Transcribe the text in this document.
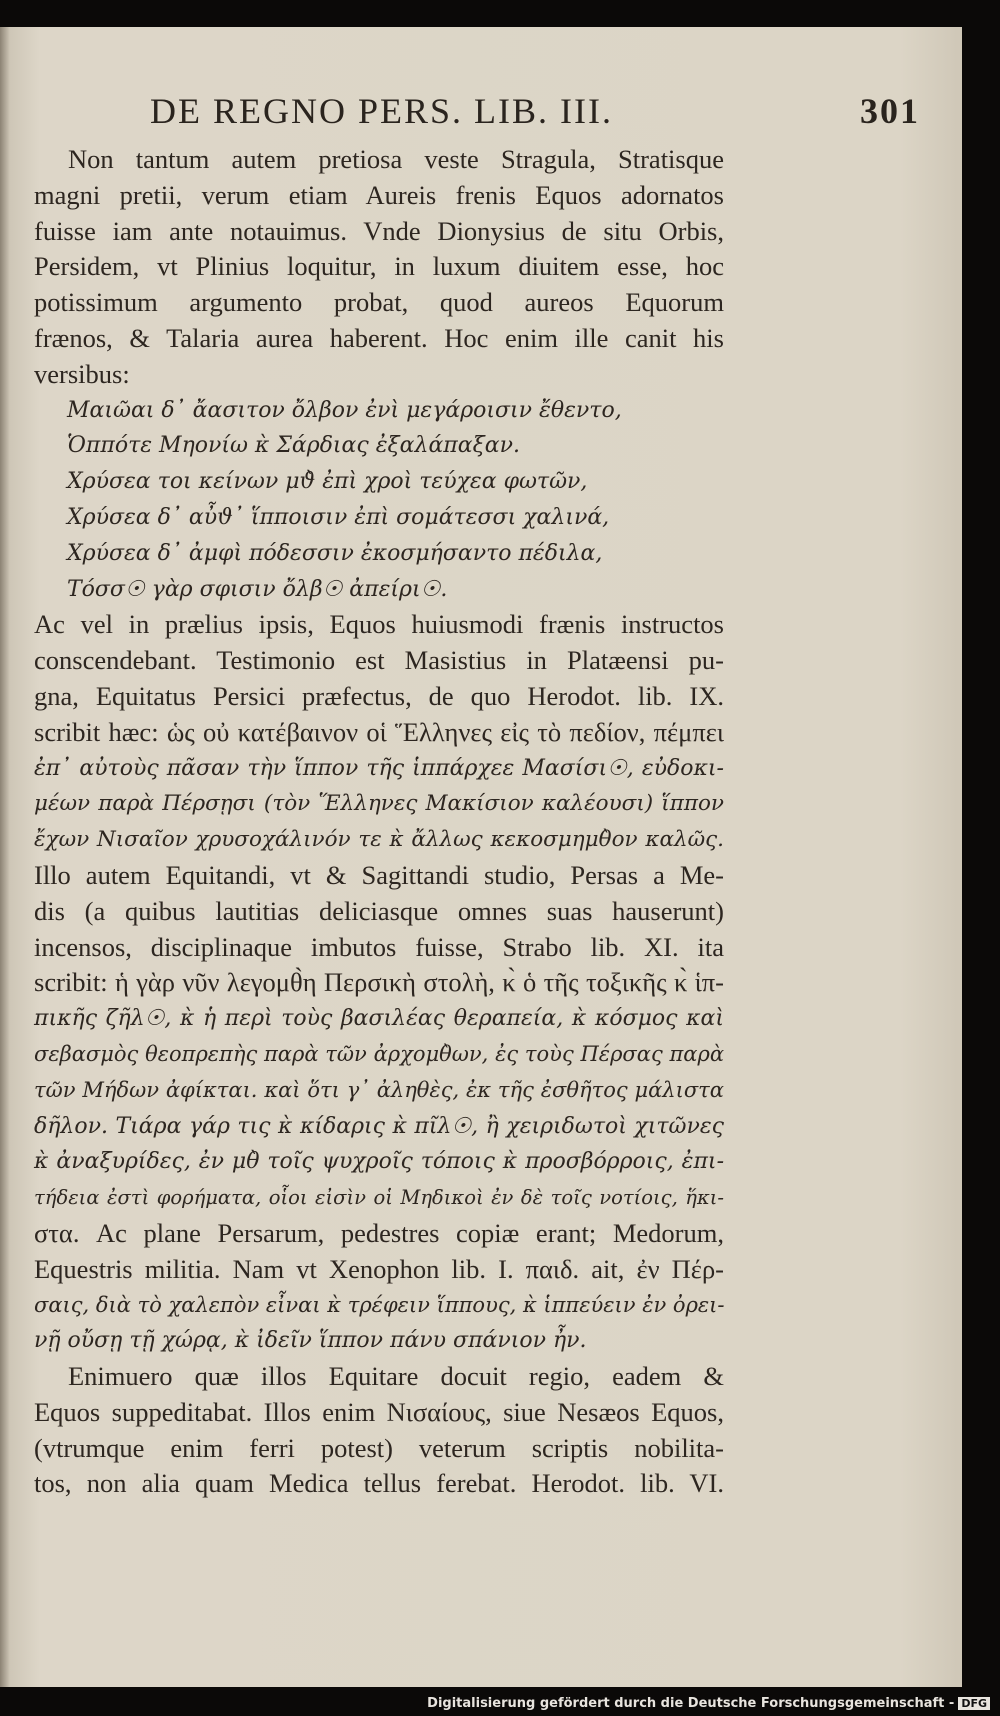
DE REGNO PERS. LIB. III.	301
Non tantum autem pretiosa veste Stragula, Stratisque
magni pretii, verum etiam Aureis frenis Equos adornatos
fuisse iam ante notauimus. Vnde Dionysius de situ Orbis,
Persidem, vt Plinius loquitur, in luxum diuitem esse, hoc
potissimum argumento probat, quod aureos Equorum
frænos, & Talaria aurea haberent. Hoc enim ille canit his
versibus:
Μαιῶαι δ᾽ ἄασιτον ὄλβον ἐνὶ μεγάροισιν ἔθεντο,
Ὁππότε Μηονίω κ̀ Σάρδιας ἐξαλάπαξαν.
Χρύσεα τοι κείνων μϑ̀ ἐπὶ χροὶ τεύχεα φωτῶν,
Χρύσεα δ᾽ αὖϑ᾽ ἵπποισιν ἐπὶ σομάτεσσι χαλινά,
Χρύσεα δ᾽ ἀμφὶ πόδεσσιν ἐκοσμήσαντο πέδιλα,
Τόσσ☉ γὰρ σφισιν ὄλβ☉ ἀπείρι☉.
Ac vel in prælius ipsis, Equos huiusmodi frænis instructos
conscendebant. Testimonio est Masistius in Platæensi pu-
gna, Equitatus Persici præfectus, de quo Herodot. lib. IX.
scribit hæc: ὡς οὐ κατέβαινον οἱ Ἕλληνες εἰς τὸ πεδίον, πέμπει
ἐπ᾽ αὐτοὺς πᾶσαν τὴν ἵππον τῆς ἱππάρχεε Μασίσι☉, εὐδοκι-
μέων παρὰ Πέρσῃσι (τὸν Ἕλληνες Μακίσιον καλέουσι) ἵππον
ἔχων Νισαῖον χρυσοχάλινόν τε κ̀ ἄλλως κεκοσμημθ̀ον καλῶς.
Illo autem Equitandi, vt & Sagittandi studio, Persas a Me-
dis (a quibus lautitias deliciasque omnes suas hauserunt)
incensos, disciplinaque imbutos fuisse, Strabo lib. XI. ita
scribit: ἡ γὰρ νῦν λεγομθ̀η Περσικὴ στολὴ, κ̀ ὁ τῆς τοξικῆς κ̀ ἱπ-
πικῆς ζῆλ☉, κ̀ ἡ περὶ τοὺς βασιλέας θεραπεία, κ̀ κόσμος καὶ
σεβασμὸς θεοπρεπὴς παρὰ τῶν ἀρχομθ̀ων, ἐς τοὺς Πέρσας παρὰ
τῶν Μήδων ἀφίκται. καὶ ὅτι γ᾽ ἀληθὲς, ἐκ τῆς ἐσθῆτος μάλιστα
δῆλον. Τιάρα γάρ τις κ̀ κίδαρις κ̀ πῖλ☉, ἢ χειριδωτοὶ χιτῶνες
κ̀ ἀναξυρίδες, ἐν μθ̀ τοῖς ψυχροῖς τόποις κ̀ προσβόρροις, ἐπι-
τήδεια ἐστὶ φορήματα, οἷοι εἰσὶν οἱ Μηδικοὶ ἐν δὲ τοῖς νοτίοις, ἥκι-
στα. Ac plane Persarum, pedestres copiæ erant; Medorum,
Equestris militia. Nam vt Xenophon lib. I. παιδ. ait, ἐν Πέρ-
σαις, διὰ τὸ χαλεπὸν εἶναι κ̀ τρέφειν ἵππους, κ̀ ἱππεύειν ἐν ὀρει-
νῇ οὔσῃ τῇ χώρᾳ, κ̀ ἰδεῖν ἵππον πάνυ σπάνιον ἦν.
Enimuero quæ illos Equitare docuit regio, eadem &
Equos suppeditabat. Illos enim Νισαίους, siue Nesæos Equos,
(vtrumque enim ferri potest) veterum scriptis nobilita-
tos, non alia quam Medica tellus ferebat. Herodot. lib. VI.
Digitalisierung gefördert durch die Deutsche Forschungsgemeinschaft - DFG
